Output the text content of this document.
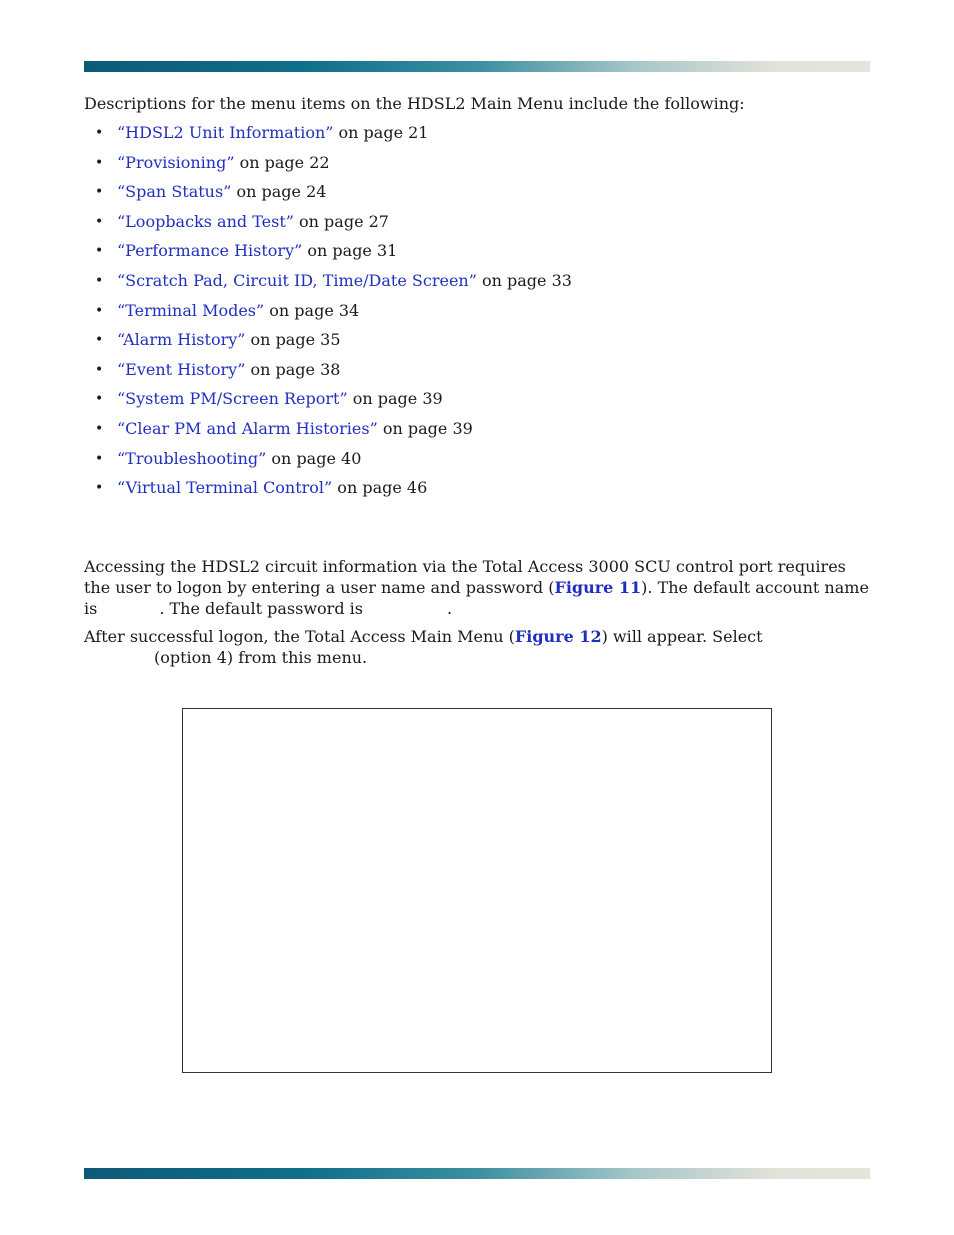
Descriptions for the menu items on the HDSL2 Main Menu include the following:

• “HDSL2 Unit Information” on page 21
• “Provisioning” on page 22
• “Span Status” on page 24
• “Loopbacks and Test” on page 27
• “Performance History” on page 31
• “Scratch Pad, Circuit ID, Time/Date Screen” on page 33
• “Terminal Modes” on page 34
• “Alarm History” on page 35
• “Event History” on page 38
• “System PM/Screen Report” on page 39
• “Clear PM and Alarm Histories” on page 39
• “Troubleshooting” on page 40
• “Virtual Terminal Control” on page 46

Accessing the HDSL2 circuit information via the Total Access 3000 SCU control port requires the user to logon by entering a user name and password (Figure 11). The default account name is	. The default password is	.

After successful logon, the Total Access Main Menu (Figure 12) will appear. Select
(option 4) from this menu.
